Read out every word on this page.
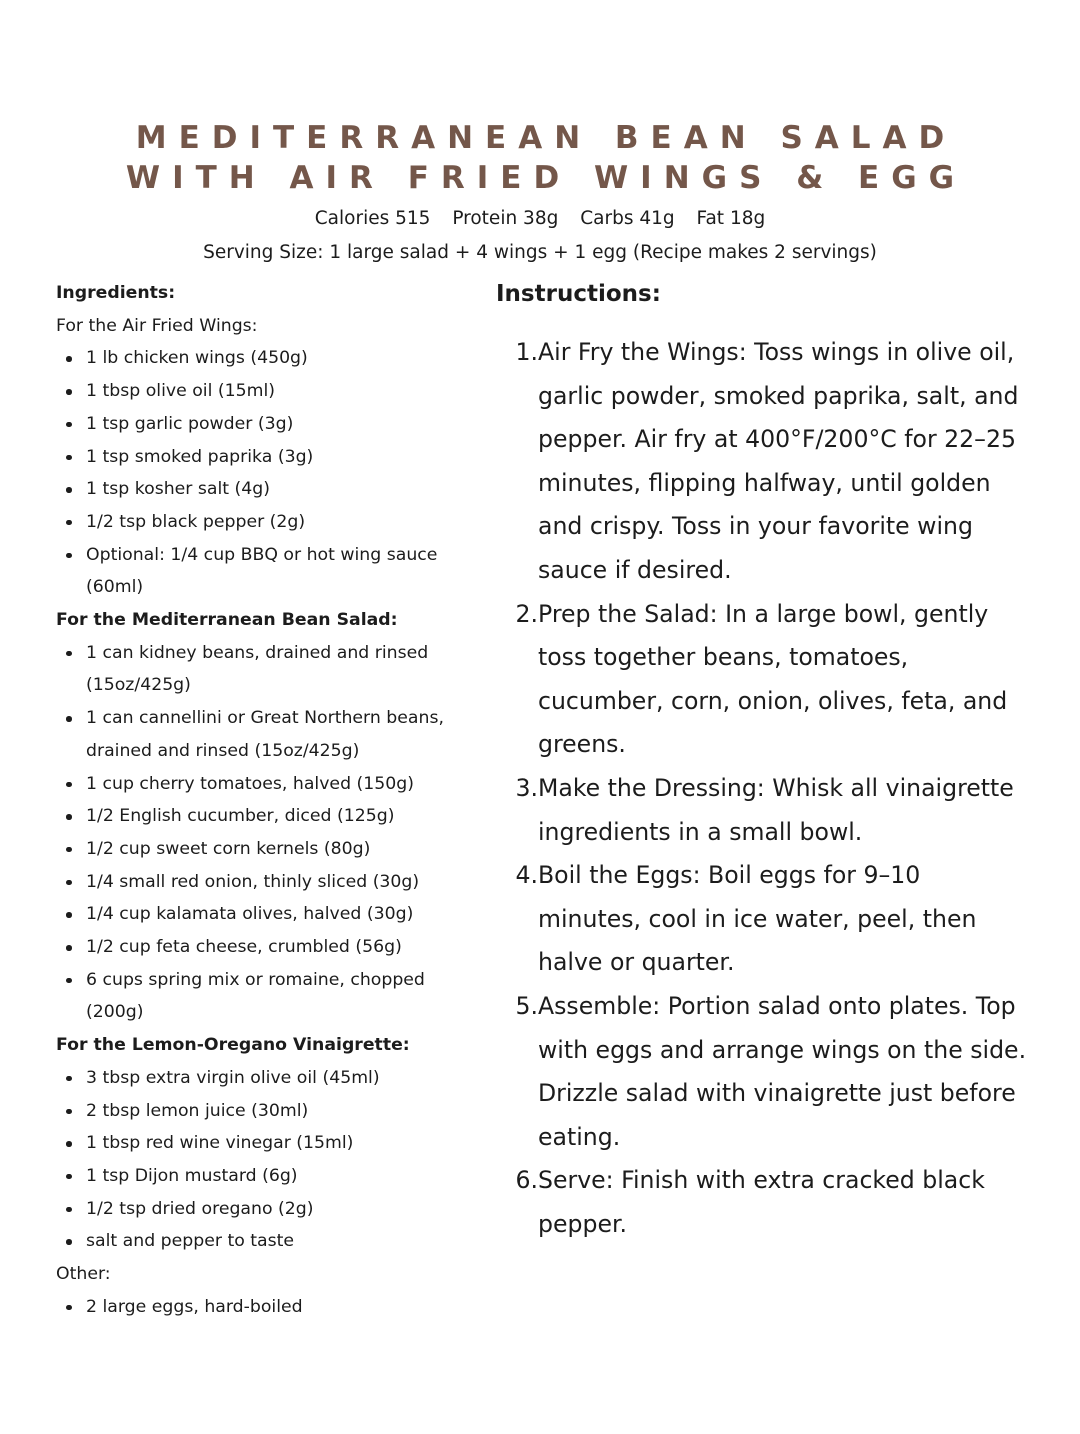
MEDITERRANEAN BEAN SALAD
WITH AIR FRIED WINGS & EGG
Calories 515 Protein 38g Carbs 41g Fat 18g
Serving Size: 1 large salad + 4 wings + 1 egg (Recipe makes 2 servings)
Ingredients:
For the Air Fried Wings:
1 lb chicken wings (450g)
1 tbsp olive oil (15ml)
1 tsp garlic powder (3g)
1 tsp smoked paprika (3g)
1 tsp kosher salt (4g)
1/2 tsp black pepper (2g)
Optional: 1/4 cup BBQ or hot wing sauce (60ml)
For the Mediterranean Bean Salad:
1 can kidney beans, drained and rinsed (15oz/425g)
1 can cannellini or Great Northern beans, drained and rinsed (15oz/425g)
1 cup cherry tomatoes, halved (150g)
1/2 English cucumber, diced (125g)
1/2 cup sweet corn kernels (80g)
1/4 small red onion, thinly sliced (30g)
1/4 cup kalamata olives, halved (30g)
1/2 cup feta cheese, crumbled (56g)
6 cups spring mix or romaine, chopped (200g)
For the Lemon-Oregano Vinaigrette:
3 tbsp extra virgin olive oil (45ml)
2 tbsp lemon juice (30ml)
1 tbsp red wine vinegar (15ml)
1 tsp Dijon mustard (6g)
1/2 tsp dried oregano (2g)
salt and pepper to taste
Other:
2 large eggs, hard-boiled
Instructions:
1. Air Fry the Wings: Toss wings in olive oil, garlic powder, smoked paprika, salt, and pepper. Air fry at 400°F/200°C for 22–25 minutes, flipping halfway, until golden and crispy. Toss in your favorite wing sauce if desired.
2. Prep the Salad: In a large bowl, gently toss together beans, tomatoes, cucumber, corn, onion, olives, feta, and greens.
3. Make the Dressing: Whisk all vinaigrette ingredients in a small bowl.
4. Boil the Eggs: Boil eggs for 9–10 minutes, cool in ice water, peel, then halve or quarter.
5. Assemble: Portion salad onto plates. Top with eggs and arrange wings on the side. Drizzle salad with vinaigrette just before eating.
6. Serve: Finish with extra cracked black pepper.
